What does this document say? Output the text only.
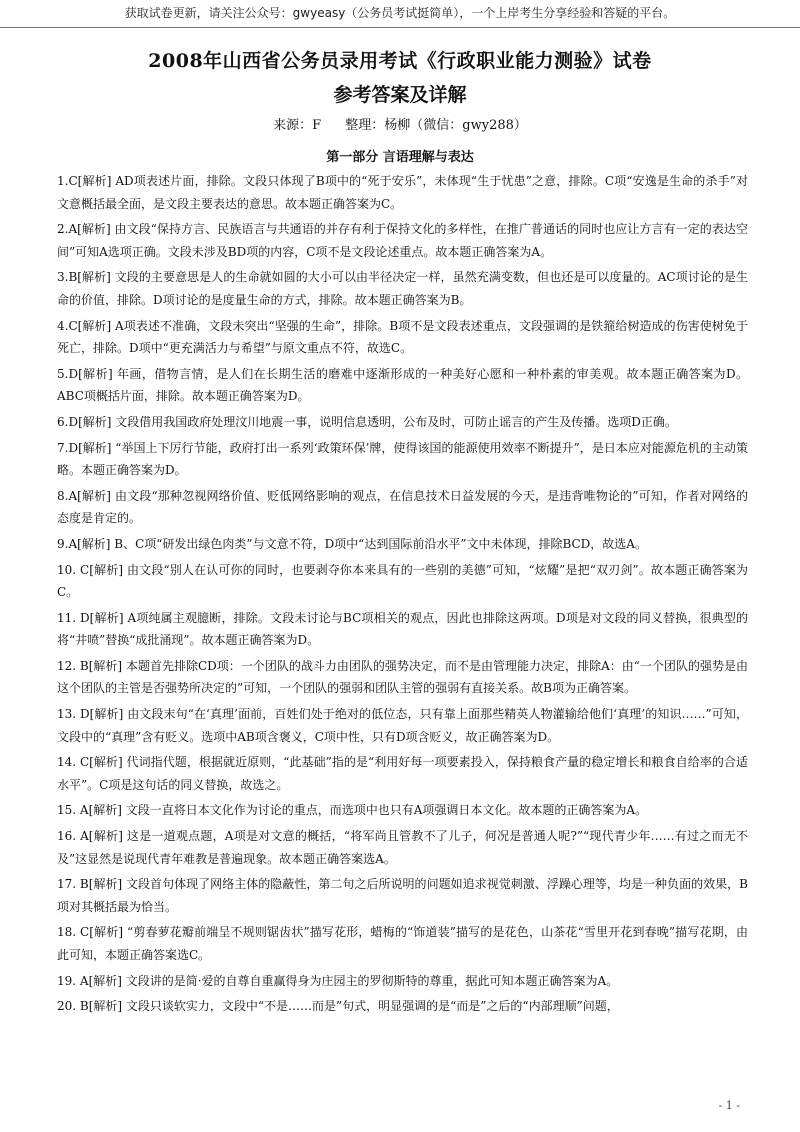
获取试卷更新，请关注公众号：gwyeasy（公务员考试挺简单），一个上岸考生分享经验和答疑的平台。
2008年山西省公务员录用考试《行政职业能力测验》试卷
参考答案及详解
来源：F 整理：杨柳（微信：gwy288）
第一部分 言语理解与表达

1.C[解析] AD项表述片面，排除。文段只体现了B项中的“死于安乐”，未体现“生于忧患”之意，排除。C项“安逸是生命的杀手”对文意概括最全面，是文段主要表达的意思。故本题正确答案为C。

2.A[解析] 由文段“保持方言、民族语言与共通语的并存有利于保持文化的多样性，在推广普通话的同时也应让方言有一定的表达空间”可知A选项正确。文段未涉及BD项的内容，C项不是文段论述重点。故本题正确答案为A。

3.B[解析] 文段的主要意思是人的生命就如圆的大小可以由半径决定一样，虽然充满变数，但也还是可以度量的。AC项讨论的是生命的价值，排除。D项讨论的是度量生命的方式，排除。故本题正确答案为B。

4.C[解析] A项表述不准确，文段未突出“坚强的生命”，排除。B项不是文段表述重点，文段强调的是铁箍给树造成的伤害使树免于死亡，排除。D项中“更充满活力与希望”与原文重点不符，故选C。

5.D[解析] 年画，借物言情，是人们在长期生活的磨难中逐渐形成的一种美好心愿和一种朴素的审美观。故本题正确答案为D。ABC项概括片面，排除。故本题正确答案为D。

6.D[解析] 文段借用我国政府处理汶川地震一事，说明信息透明，公布及时，可防止谣言的产生及传播。选项D正确。

7.D[解析] “举国上下厉行节能，政府打出一系列‘政策环保’牌，使得该国的能源使用效率不断提升”，是日本应对能源危机的主动策略。本题正确答案为D。

8.A[解析] 由文段“那种忽视网络价值、贬低网络影响的观点，在信息技术日益发展的今天，是违背唯物论的”可知，作者对网络的态度是肯定的。

9.A[解析] B、C项“研发出绿色肉类”与文意不符，D项中“达到国际前沿水平”文中未体现，排除BCD，故选A。

10. C[解析] 由文段“别人在认可你的同时，也要剥夺你本来具有的一些别的美德”可知，“炫耀”是把“双刃剑”。故本题正确答案为C。

11. D[解析] A项纯属主观臆断，排除。文段未讨论与BC项相关的观点，因此也排除这两项。D项是对文段的同义替换，很典型的将“井喷”替换“成批涌现”。故本题正确答案为D。

12. B[解析] 本题首先排除CD项：一个团队的战斗力由团队的强势决定，而不是由管理能力决定，排除A：由“一个团队的强势是由这个团队的主管是否强势所决定的”可知，一个团队的强弱和团队主管的强弱有直接关系。故B项为正确答案。

13. D[解析] 由文段末句“在‘真理’面前，百姓们处于绝对的低位态，只有靠上面那些精英人物灌输给他们‘真理’的知识……”可知，文段中的“真理”含有贬义。选项中AB项含褒义，C项中性，只有D项含贬义，故正确答案为D。

14. C[解析] 代词指代题，根据就近原则，“此基础”指的是“利用好每一项要素投入，保持粮食产量的稳定增长和粮食自给率的合适水平”。C项是这句话的同义替换，故选之。

15. A[解析] 文段一直将日本文化作为讨论的重点，而选项中也只有A项强调日本文化。故本题的正确答案为A。

16. A[解析] 这是一道观点题，A项是对文意的概括，“将军尚且管教不了儿子，何况是普通人呢?”“现代青少年……有过之而无不及”这显然是说现代青年难教是普遍现象。故本题正确答案选A。

17. B[解析] 文段首句体现了网络主体的隐蔽性，第二句之后所说明的问题如追求视觉刺激、浮躁心理等，均是一种负面的效果，B项对其概括最为恰当。

18. C[解析] “剪春萝花瓣前端呈不规则锯齿状”描写花形，蜡梅的“饰道装”描写的是花色，山茶花“雪里开花到春晚”描写花期，由此可知，本题正确答案选C。

19. A[解析] 文段讲的是简·爱的自尊自重赢得身为庄园主的罗彻斯特的尊重，据此可知本题正确答案为A。

20. B[解析] 文段只谈软实力，文段中“不是……而是”句式，明显强调的是“而是”之后的“内部理顺”问题，

- 1 -
